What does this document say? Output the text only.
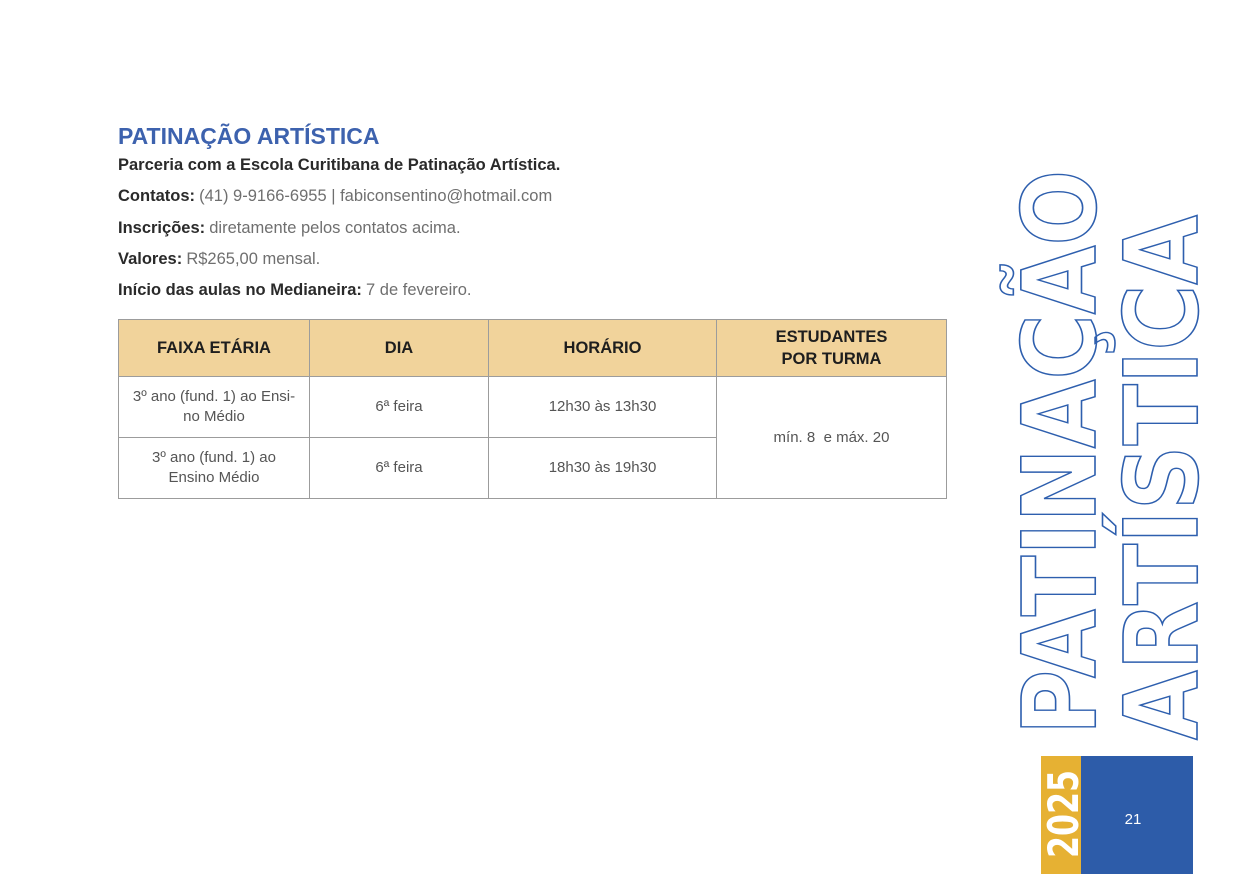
PATINAÇÃO ARTÍSTICA

Parceria com a Escola Curitibana de Patinação Artística.

Contatos: (41) 9-9166-6955 | fabiconsentino@hotmail.com

Inscrições: diretamente pelos contatos acima.

Valores: R$265,00 mensal.

Início das aulas no Medianeira: 7 de fevereiro.

FAIXA ETÁRIA	DIA	HORÁRIO	ESTUDANTES
POR TURMA
3º ano (fund. 1) ao Ensi-
no Médio	6ª feira	12h30 às 13h30	mín. 8  e máx. 20
3º ano (fund. 1) ao
Ensino Médio	6ª feira	18h30 às 19h30	
21
PATINAÇÃO
ARTÍSTICA
2025
